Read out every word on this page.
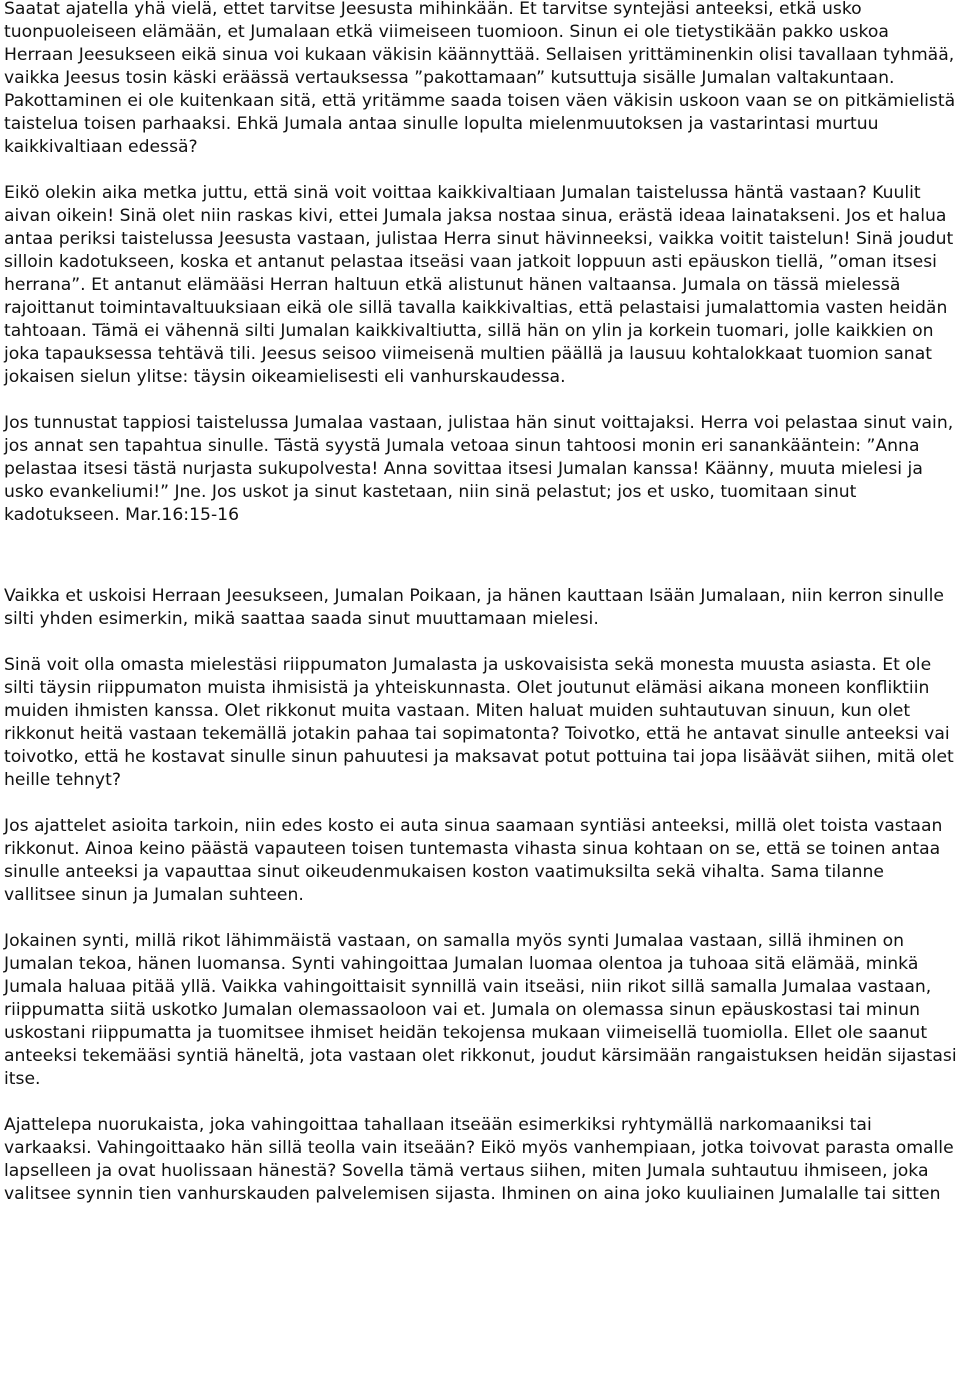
Saatat ajatella yhä vielä, ettet tarvitse Jeesusta mihinkään. Et tarvitse syntejäsi anteeksi, etkä usko tuonpuoleiseen elämään, et Jumalaan etkä viimeiseen tuomioon. Sinun ei ole tietystikään pakko uskoa Herraan Jeesukseen eikä sinua voi kukaan väkisin käännyttää. Sellaisen yrittäminenkin olisi tavallaan tyhmää, vaikka Jeesus tosin käski eräässä vertauksessa ”pakottamaan” kutsuttuja sisälle Jumalan valtakuntaan. Pakottaminen ei ole kuitenkaan sitä, että yritämme saada toisen väen väkisin uskoon vaan se on pitkämielistä taistelua toisen parhaaksi. Ehkä Jumala antaa sinulle lopulta mielenmuutoksen ja vastarintasi murtuu kaikkivaltiaan edessä?

Eikö olekin aika metka juttu, että sinä voit voittaa kaikkivaltiaan Jumalan taistelussa häntä vastaan? Kuulit aivan oikein! Sinä olet niin raskas kivi, ettei Jumala jaksa nostaa sinua, erästä ideaa lainatakseni. Jos et halua antaa periksi taistelussa Jeesusta vastaan, julistaa Herra sinut hävinneeksi, vaikka voitit taistelun! Sinä joudut silloin kadotukseen, koska et antanut pelastaa itseäsi vaan jatkoit loppuun asti epäuskon tiellä, ”oman itsesi herrana”. Et antanut elämääsi Herran haltuun etkä alistunut hänen valtaansa. Jumala on tässä mielessä rajoittanut toimintavaltuuksiaan eikä ole sillä tavalla kaikkivaltias, että pelastaisi jumalattomia vasten heidän tahtoaan. Tämä ei vähennä silti Jumalan kaikkivaltiutta, sillä hän on ylin ja korkein tuomari, jolle kaikkien on joka tapauksessa tehtävä tili. Jeesus seisoo viimeisenä multien päällä ja lausuu kohtalokkaat tuomion sanat jokaisen sielun ylitse: täysin oikeamielisesti eli vanhurskaudessa.

Jos tunnustat tappiosi taistelussa Jumalaa vastaan, julistaa hän sinut voittajaksi. Herra voi pelastaa sinut vain, jos annat sen tapahtua sinulle. Tästä syystä Jumala vetoaa sinun tahtoosi monin eri sanankääntein: ”Anna pelastaa itsesi tästä nurjasta sukupolvesta! Anna sovittaa itsesi Jumalan kanssa! Käänny, muuta mielesi ja usko evankeliumi!” Jne. Jos uskot ja sinut kastetaan, niin sinä pelastut; jos et usko, tuomitaan sinut kadotukseen. Mar.16:15-16

Vaikka et uskoisi Herraan Jeesukseen, Jumalan Poikaan, ja hänen kauttaan Isään Jumalaan, niin kerron sinulle silti yhden esimerkin, mikä saattaa saada sinut muuttamaan mielesi.

Sinä voit olla omasta mielestäsi riippumaton Jumalasta ja uskovaisista sekä monesta muusta asiasta. Et ole silti täysin riippumaton muista ihmisistä ja yhteiskunnasta. Olet joutunut elämäsi aikana moneen konfliktiin muiden ihmisten kanssa. Olet rikkonut muita vastaan. Miten haluat muiden suhtautuvan sinuun, kun olet rikkonut heitä vastaan tekemällä jotakin pahaa tai sopimatonta? Toivotko, että he antavat sinulle anteeksi vai toivotko, että he kostavat sinulle sinun pahuutesi ja maksavat potut pottuina tai jopa lisäävät siihen, mitä olet heille tehnyt?

Jos ajattelet asioita tarkoin, niin edes kosto ei auta sinua saamaan syntiäsi anteeksi, millä olet toista vastaan rikkonut. Ainoa keino päästä vapauteen toisen tuntemasta vihasta sinua kohtaan on se, että se toinen antaa sinulle anteeksi ja vapauttaa sinut oikeudenmukaisen koston vaatimuksilta sekä vihalta. Sama tilanne vallitsee sinun ja Jumalan suhteen.

Jokainen synti, millä rikot lähimmäistä vastaan, on samalla myös synti Jumalaa vastaan, sillä ihminen on Jumalan tekoa, hänen luomansa. Synti vahingoittaa Jumalan luomaa olentoa ja tuhoaa sitä elämää, minkä Jumala haluaa pitää yllä. Vaikka vahingoittaisit synnillä vain itseäsi, niin rikot sillä samalla Jumalaa vastaan, riippumatta siitä uskotko Jumalan olemassaoloon vai et. Jumala on olemassa sinun epäuskostasi tai minun uskostani riippumatta ja tuomitsee ihmiset heidän tekojensa mukaan viimeisellä tuomiolla. Ellet ole saanut anteeksi tekemääsi syntiä häneltä, jota vastaan olet rikkonut, joudut kärsimään rangaistuksen heidän sijastasi itse.

Ajattelepa nuorukaista, joka vahingoittaa tahallaan itseään esimerkiksi ryhtymällä narkomaaniksi tai varkaaksi. Vahingoittaako hän sillä teolla vain itseään? Eikö myös vanhempiaan, jotka toivovat parasta omalle lapselleen ja ovat huolissaan hänestä? Sovella tämä vertaus siihen, miten Jumala suhtautuu ihmiseen, joka valitsee synnin tien vanhurskauden palvelemisen sijasta. Ihminen on aina joko kuuliainen Jumalalle tai sitten
